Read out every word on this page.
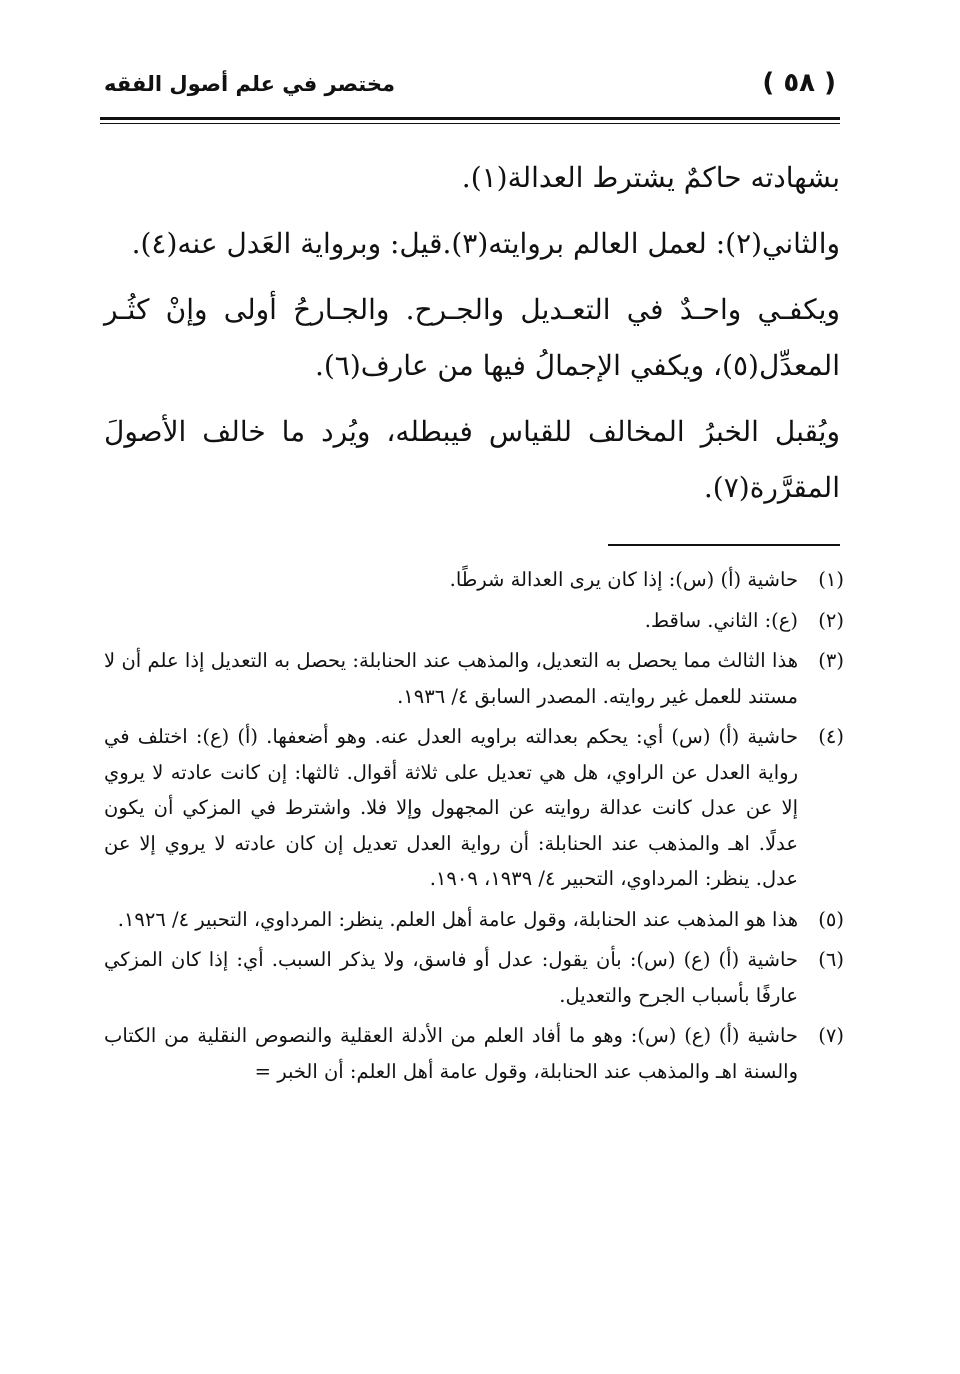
( ٥٨ )
مختصر في علم أصول الفقه

بشهادته حاكمٌ يشترط العدالة(١).

والثاني(٢): لعمل العالم بروايته(٣).قيل: وبرواية العَدل عنه(٤).

ويكفـي واحـدٌ في التعـديل والجـرح. والجـارحُ أولى وإنْ كثُـر المعدِّل(٥)، ويكفي الإجمالُ فيها من عارف(٦).

ويُقبل الخبرُ المخالف للقياس فيبطله، ويُرد ما خالف الأصولَ المقرَّرة(٧).

(١)
حاشية (أ) (س): إذا كان يرى العدالة شرطًا.
(٢)
(ع): الثاني. ساقط.
(٣)
هذا الثالث مما يحصل به التعديل، والمذهب عند الحنابلة: يحصل به التعديل إذا علم أن لا مستند للعمل غير روايته. المصدر السابق ٤/ ١٩٣٦.
(٤)
حاشية (أ) (س) أي: يحكم بعدالته براويه العدل عنه. وهو أضعفها. (أ) (ع): اختلف في رواية العدل عن الراوي، هل هي تعديل على ثلاثة أقوال. ثالثها: إن كانت عادته لا يروي إلا عن عدل كانت عدالة روايته عن المجهول وإلا فلا. واشترط في المزكي أن يكون عدلًا. اهـ والمذهب عند الحنابلة: أن رواية العدل تعديل إن كان عادته لا يروي إلا عن عدل. ينظر: المرداوي، التحبير ٤/ ١٩٣٩، ١٩٠٩.
(٥)
هذا هو المذهب عند الحنابلة، وقول عامة أهل العلم. ينظر: المرداوي، التحبير ٤/ ١٩٢٦.
(٦)
حاشية (أ) (ع) (س): بأن يقول: عدل أو فاسق، ولا يذكر السبب. أي: إذا كان المزكي عارفًا بأسباب الجرح والتعديل.
(٧)
حاشية (أ) (ع) (س): وهو ما أفاد العلم من الأدلة العقلية والنصوص النقلية من الكتاب والسنة اهـ والمذهب عند الحنابلة، وقول عامة أهل العلم: أن الخبر =
